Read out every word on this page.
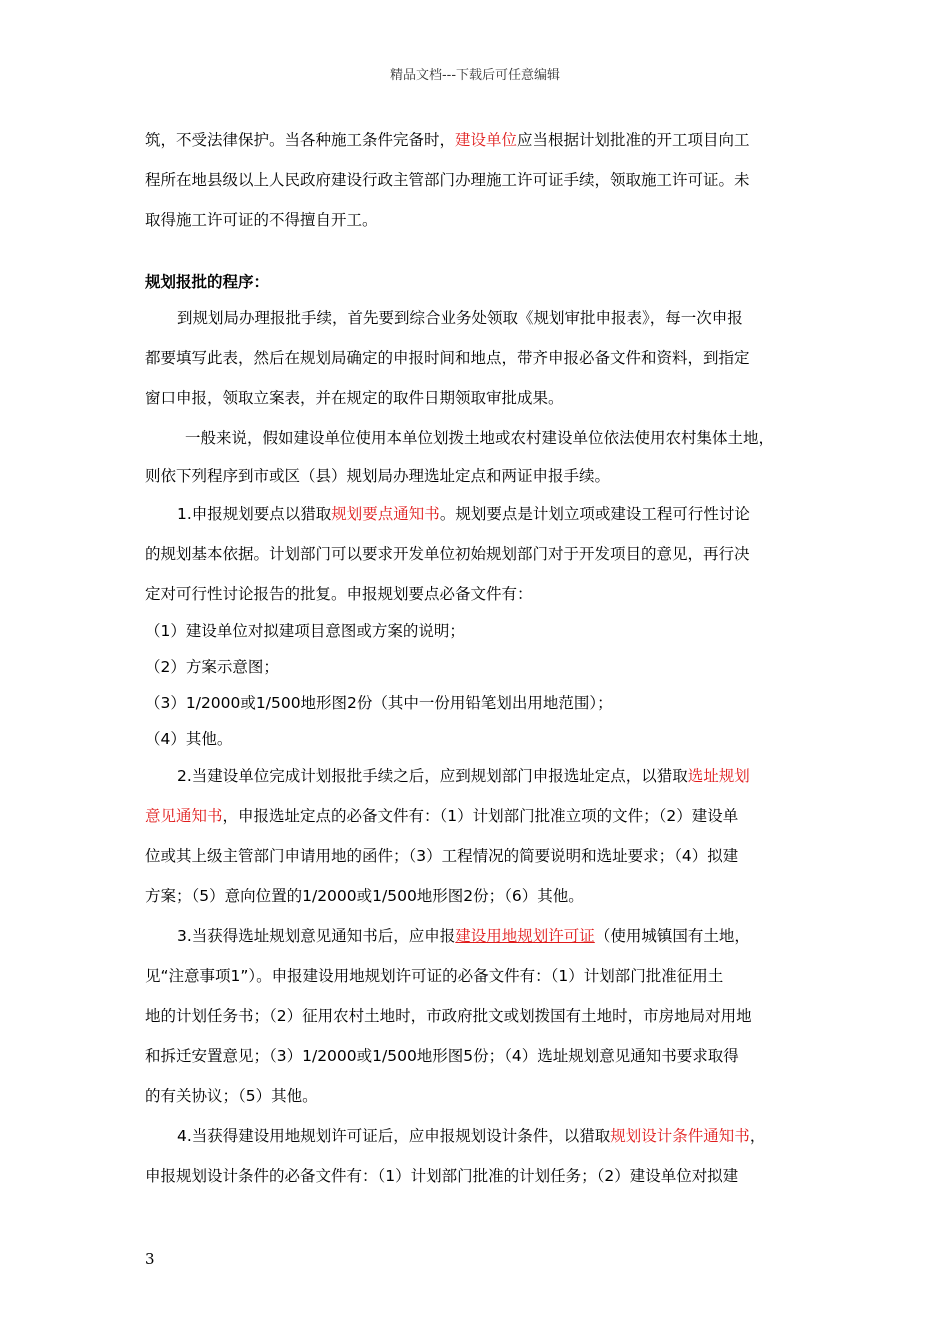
精品文档---下载后可任意编辑
筑，不受法律保护。当各种施工条件完备时，建设单位应当根据计划批准的开工项目向工
程所在地县级以上人民政府建设行政主管部门办理施工许可证手续，领取施工许可证。未
取得施工许可证的不得擅自开工。
规划报批的程序：
到规划局办理报批手续，首先要到综合业务处领取《规划审批申报表》，每一次申报
都要填写此表，然后在规划局确定的申报时间和地点，带齐申报必备文件和资料，到指定
窗口申报，领取立案表，并在规定的取件日期领取审批成果。
一般来说，假如建设单位使用本单位划拨土地或农村建设单位依法使用农村集体土地，
则依下列程序到市或区（县）规划局办理选址定点和两证申报手续。
1.申报规划要点以猎取规划要点通知书。规划要点是计划立项或建设工程可行性讨论
的规划基本依据。计划部门可以要求开发单位初始规划部门对于开发项目的意见，再行决
定对可行性讨论报告的批复。申报规划要点必备文件有：
（1）建设单位对拟建项目意图或方案的说明；
（2）方案示意图；
（3）1/2000或1/500地形图2份（其中一份用铅笔划出用地范围）；
（4）其他。
2.当建设单位完成计划报批手续之后，应到规划部门申报选址定点，以猎取选址规划
意见通知书，申报选址定点的必备文件有：（1）计划部门批准立项的文件；（2）建设单
位或其上级主管部门申请用地的函件；（3）工程情况的简要说明和选址要求；（4）拟建
方案；（5）意向位置的1/2000或1/500地形图2份；（6）其他。
3.当获得选址规划意见通知书后，应申报建设用地规划许可证（使用城镇国有土地，
见“注意事项1”）。申报建设用地规划许可证的必备文件有：（1）计划部门批准征用土
地的计划任务书；（2）征用农村土地时，市政府批文或划拨国有土地时，市房地局对用地
和拆迁安置意见；（3）1/2000或1/500地形图5份；（4）选址规划意见通知书要求取得
的有关协议；（5）其他。
4.当获得建设用地规划许可证后，应申报规划设计条件，以猎取规划设计条件通知书，
申报规划设计条件的必备文件有：（1）计划部门批准的计划任务；（2）建设单位对拟建
3
